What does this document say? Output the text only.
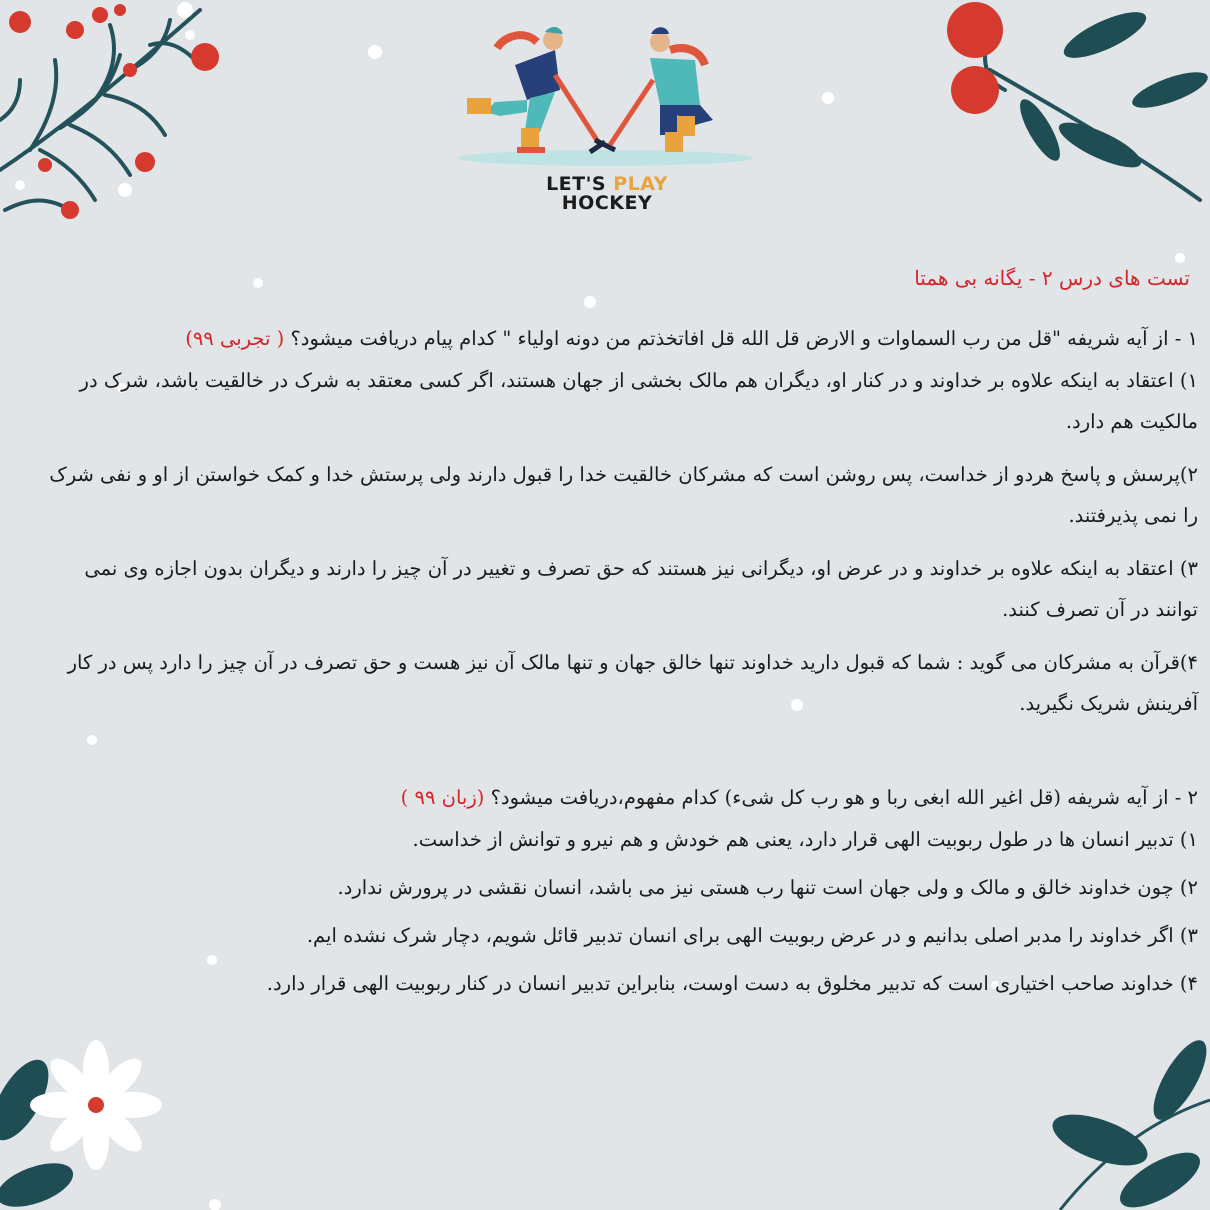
LET'S PLAY
HOCKEY
تست های درس ۲ - یگانه بی همتا

۱ - از آیه شریفه "قل من رب السماوات و الارض قل الله قل افاتخذتم من دونه اولیاء " کدام پیام دریافت میشود؟ ( تجربی ۹۹)

۱) اعتقاد به اینکه علاوه بر خداوند و در کنار او، دیگران هم مالک بخشی از جهان هستند، اگر کسی معتقد به شرک در خالقیت باشد، شرک در مالکیت هم دارد.

۲)پرسش و پاسخ هردو از خداست، پس روشن است که مشرکان خالقیت خدا را قبول دارند ولی پرستش خدا و کمک خواستن از او و نفی شرک را نمی پذیرفتند.

۳) اعتقاد به اینکه علاوه بر خداوند و در عرض او، دیگرانی نیز هستند که حق تصرف و تغییر در آن چیز را دارند و دیگران بدون اجازه وی نمی توانند در آن تصرف کنند.

۴)قرآن به مشرکان می گوید : شما که قبول دارید خداوند تنها خالق جهان و تنها مالک آن نیز هست و حق تصرف در آن چیز را دارد پس در کار آفرینش شریک نگیرید.

۲ - از آیه شریفه (قل اغیر الله ابغی ربا و هو رب کل شیء) کدام مفهوم،دریافت میشود؟ (زبان ۹۹ )

۱) تدبیر انسان ها در طول ربوبیت الهی قرار دارد، یعنی هم خودش و هم نیرو و توانش از خداست.

۲) چون خداوند خالق و مالک و ولی جهان است تنها رب هستی نیز می باشد، انسان نقشی در پرورش ندارد.

۳) اگر خداوند را مدبر اصلی بدانیم و در عرض ربوبیت الهی برای انسان تدبیر قائل شویم، دچار شرک نشده ایم.

۴) خداوند صاحب اختیاری است که تدبیر مخلوق به دست اوست، بنابراین تدبیر انسان در کنار ربوبیت الهی قرار دارد.
